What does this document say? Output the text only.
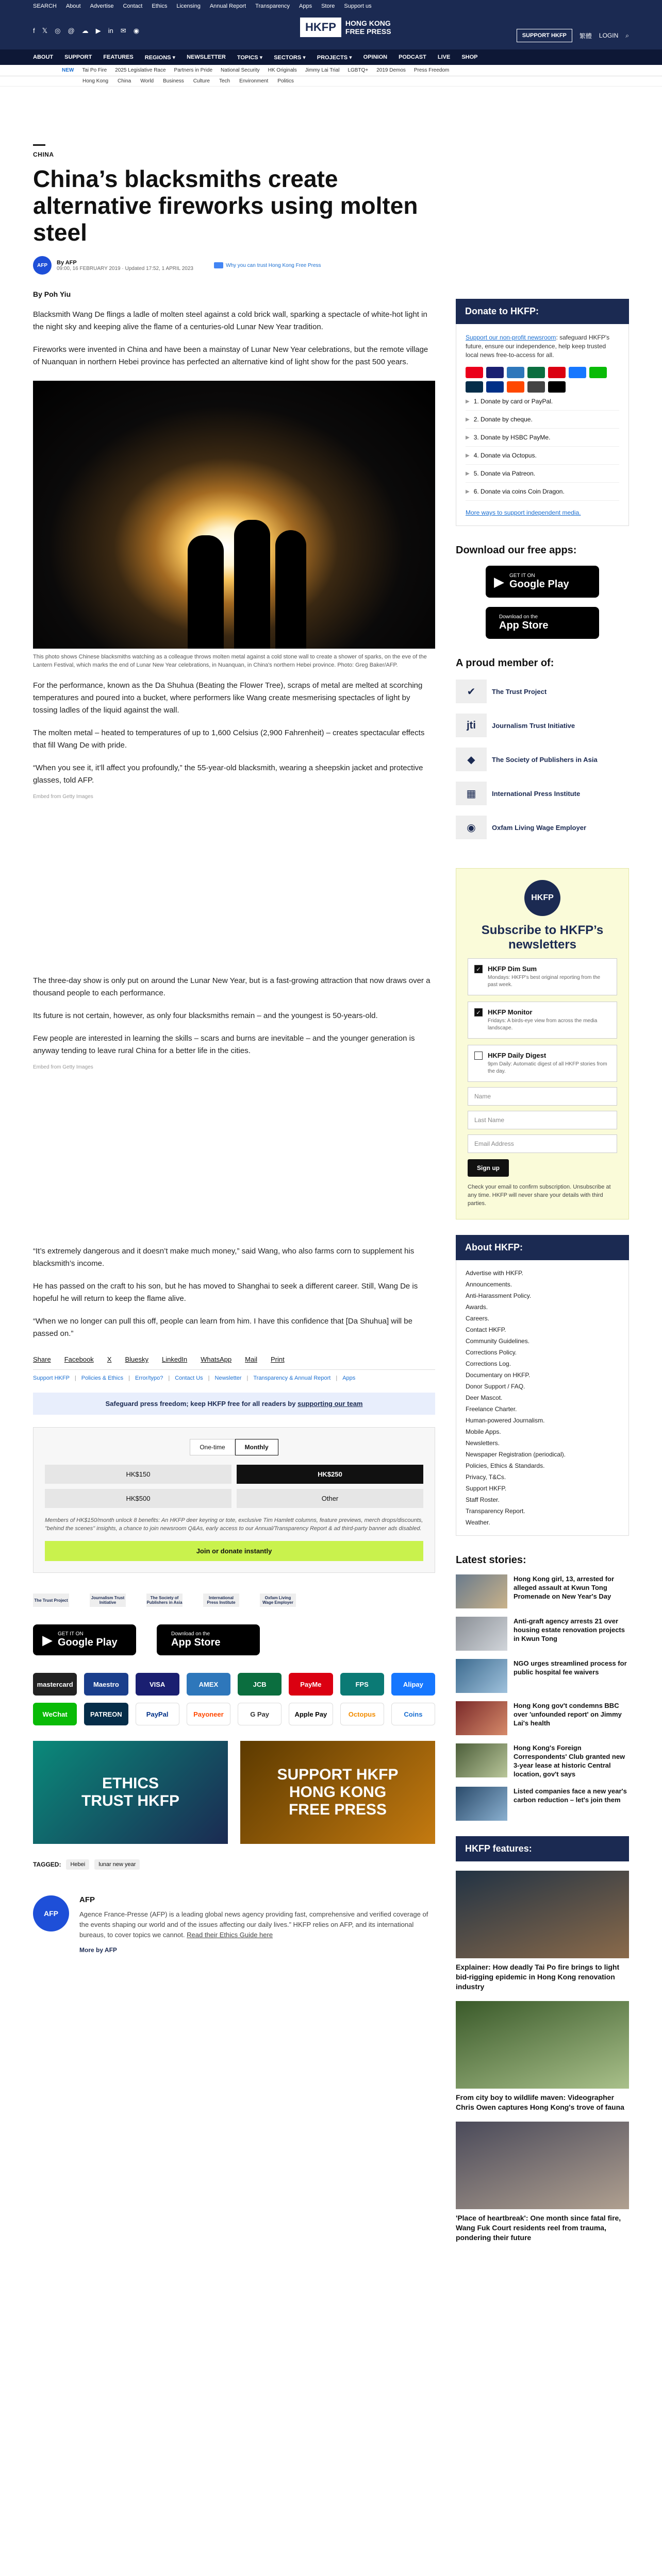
SEARCH About Advertise Contact Ethics Licensing Annual Report Transparency Apps Store Support us
f 𝕏 ◎ @ ☁ ▶ in ✉ ◉	HKFP	HONG KONG
FREE PRESS	SUPPORT HKFP	繁體 LOGIN ⌕
ABOUT SUPPORT FEATURES REGIONS ▾ NEWSLETTER TOPICS ▾ SECTORS ▾ PROJECTS ▾ OPINION PODCAST LIVE SHOP
NEW Tai Po Fire 2025 Legislative Race Partners in Pride National Security HK Originals Jimmy Lai Trial LGBTQ+ 2019 Demos Press Freedom
Hong Kong China World Business Culture Tech Environment Politics
CHINA
China’s blacksmiths create alternative fireworks using molten steel
AFP	By AFP
09:00, 16 FEBRUARY 2019 · Updated 17:52, 1 APRIL 2023
Why you can trust Hong Kong Free Press
By Poh Yiu

Blacksmith Wang De flings a ladle of molten steel against a cold brick wall, sparking a spectacle of white-hot light in the night sky and keeping alive the flame of a centuries-old Lunar New Year tradition.

Fireworks were invented in China and have been a mainstay of Lunar New Year celebrations, but the remote village of Nuanquan in northern Hebei province has perfected an alternative kind of light show for the past 500 years.

This photo shows Chinese blacksmiths watching as a colleague throws molten metal against a cold stone wall to create a shower of sparks, on the eve of the Lantern Festival, which marks the end of Lunar New Year celebrations, in Nuanquan, in China's northern Hebei province. Photo: Greg Baker/AFP.

For the performance, known as the Da Shuhua (Beating the Flower Tree), scraps of metal are melted at scorching temperatures and poured into a bucket, where performers like Wang create mesmerising spectacles of light by tossing ladles of the liquid against the wall.

The molten metal – heated to temperatures of up to 1,600 Celsius (2,900 Fahrenheit) – creates spectacular effects that fill Wang De with pride.

“When you see it, it’ll affect you profoundly,” the 55-year-old blacksmith, wearing a sheepskin jacket and protective glasses, told AFP.

Embed from Getty Images

The three-day show is only put on around the Lunar New Year, but is a fast-growing attraction that now draws over a thousand people to each performance.

Its future is not certain, however, as only four blacksmiths remain – and the youngest is 50-years-old.

Few people are interested in learning the skills – scars and burns are inevitable – and the younger generation is anyway tending to leave rural China for a better life in the cities.

Embed from Getty Images

“It’s extremely dangerous and it doesn’t make much money,” said Wang, who also farms corn to supplement his blacksmith’s income.

He has passed on the craft to his son, but he has moved to Shanghai to seek a different career. Still, Wang De is hopeful he will return to keep the flame alive.

“When we no longer can pull this off, people can learn from him. I have this confidence that [Da Shuhua] will be passed on.”

Share Facebook X Bluesky LinkedIn WhatsApp Mail Print
Support HKFP | Policies & Ethics | Error/typo? | Contact Us | Newsletter | Transparency & Annual Report | Apps
Safeguard press freedom; keep HKFP free for all readers by supporting our team
One-time	Monthly
HK$150	HK$250
HK$500	Other
Members of HK$150/month unlock 8 benefits: An HKFP deer keyring or tote, exclusive Tim Hamlett columns, feature previews, merch drops/discounts, "behind the scenes" insights, a chance to join newsroom Q&As, early access to our Annual/Transparency Report & ad third-party banner ads disabled.
Join or donate instantly
The Trust Project	Journalism Trust Initiative
The Society of Publishers in Asia
International Press Institute
Oxfam Living Wage Employer
▶ GET IT ON
Google Play
Download on the
App Store
mastercard	Maestro	VISA	AMEX	JCB	PayMe	FPS	Alipay
WeChat	PATREON	PayPal	Payoneer	G Pay	Apple Pay	Octopus	Coins
ETHICS
TRUST HKFP
SUPPORT HKFP
HONG KONG
FREE PRESS
TAGGED:	Hebei	lunar new year
AFP
AFP
Agence France-Presse (AFP) is a leading global news agency providing fast, comprehensive and verified coverage of the events shaping our world and of the issues affecting our daily lives.” HKFP relies on AFP, and its international bureaus, to cover topics we cannot. Read their Ethics Guide here
More by AFP
Donate to HKFP:
Support our non-profit newsroom: safeguard HKFP's future, ensure our independence, help keep trusted local news free-to-access for all.
▶ 1. Donate by card or PayPal.
▶ 2. Donate by cheque.
▶ 3. Donate by HSBC PayMe.
▶ 4. Donate via Octopus.
▶ 5. Donate via Patreon.
▶ 6. Donate via coins Coin Dragon.
More ways to support independent media.
Download our free apps:
▶ GET IT ON
Google Play
Download on the
App Store
A proud member of:
✔	The Trust Project
jti	Journalism Trust Initiative
◆	The Society of Publishers in Asia
▦	International Press Institute
◉	Oxfam Living Wage Employer
HKFP
Subscribe to HKFP’s newsletters
✓ HKFP Dim Sum
Mondays: HKFP's best original reporting from the past week.
✓ HKFP Monitor
Fridays: A birds-eye view from across the media landscape.
HKFP Daily Digest
9pm Daily: Automatic digest of all HKFP stories from the day.
Name
Last Name
Email Address
Sign up
Check your email to confirm subscription. Unsubscribe at any time. HKFP will never share your details with third parties.
About HKFP:
Advertise with HKFP.
Announcements.
Anti-Harassment Policy.
Awards.
Careers.
Contact HKFP.
Community Guidelines.
Corrections Policy.
Corrections Log.
Documentary on HKFP.
Donor Support / FAQ.
Deer Mascot.
Freelance Charter.
Human-powered Journalism.
Mobile Apps.
Newsletters.
Newspaper Registration (periodical).
Policies, Ethics & Standards.
Privacy, T&Cs.
Support HKFP.
Staff Roster.
Transparency Report.
Weather.
Latest stories:
Hong Kong girl, 13, arrested for alleged assault at Kwun Tong Promenade on New Year's Day
Anti-graft agency arrests 21 over housing estate renovation projects in Kwun Tong
NGO urges streamlined process for public hospital fee waivers
Hong Kong gov't condemns BBC over 'unfounded report' on Jimmy Lai's health
Hong Kong's Foreign Correspondents' Club granted new 3-year lease at historic Central location, gov't says
Listed companies face a new year's carbon reduction – let's join them
HKFP features:
Explainer: How deadly Tai Po fire brings to light bid-rigging epidemic in Hong Kong renovation industry
From city boy to wildlife maven: Videographer Chris Owen captures Hong Kong's trove of fauna
'Place of heartbreak': One month since fatal fire, Wang Fuk Court residents reel from trauma, pondering their future
